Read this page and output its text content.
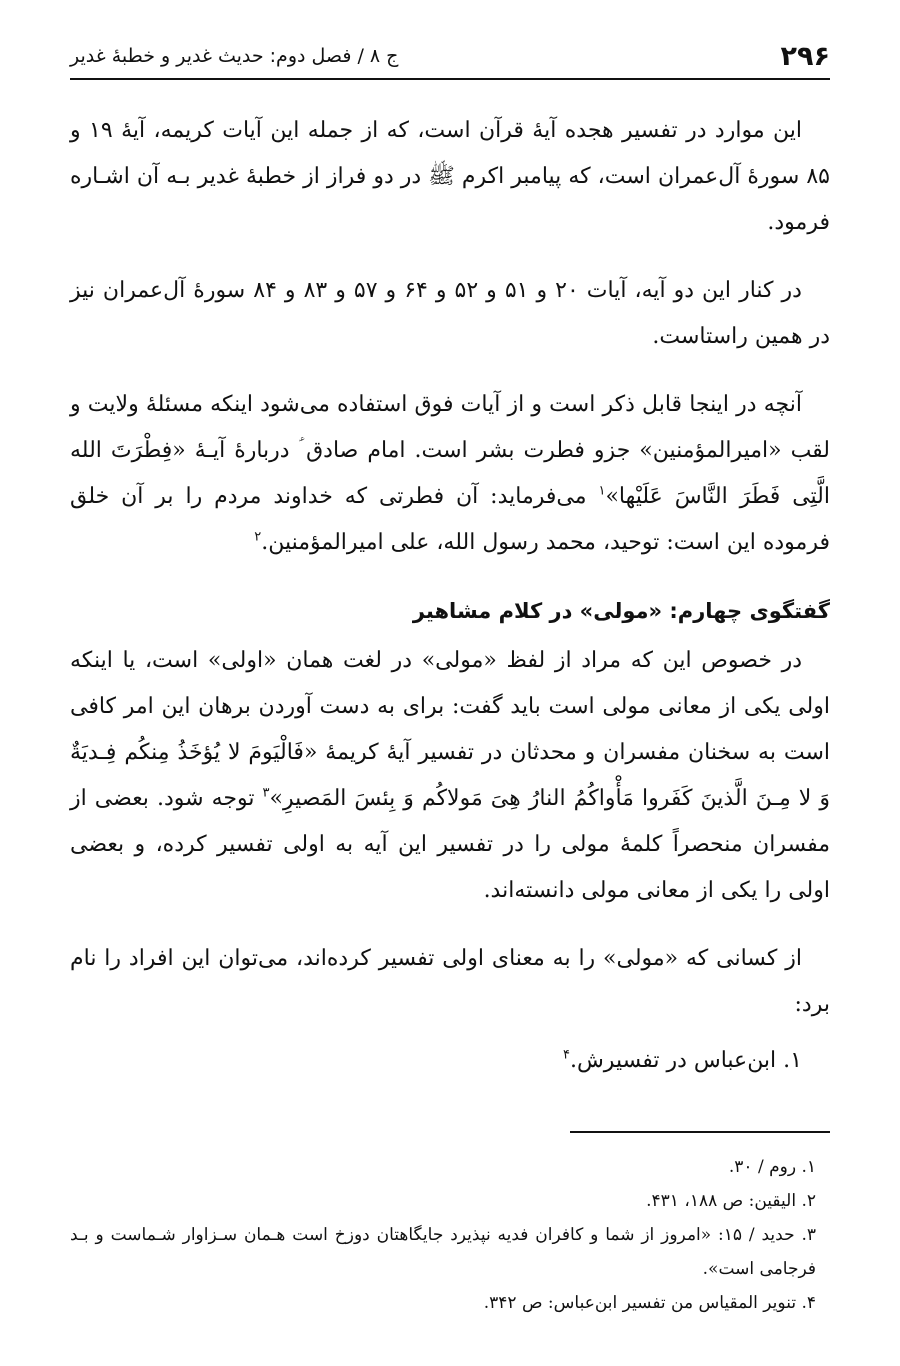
۲۹۶
ج ۸ / فصل دوم: حدیث غدیر و خطبهٔ غدیر

این موارد در تفسیر هجده آیهٔ قرآن است، که از جمله این آیات کریمه، آیهٔ ۱۹ و ۸۵ سورهٔ آل‌عمران است، که پیامبر اکرم ﷺ در دو فراز از خطبهٔ غدیر بـه آن اشـاره فرمود.

در کنار این دو آیه، آیات ۲۰ و ۵۱ و ۵۲ و ۶۴ و ۵۷ و ۸۳ و ۸۴ سورهٔ آل‌عمران نیز در همین راستاست.

آنچه در اینجا قابل ذکر است و از آیات فوق استفاده می‌شود اینکه مسئلهٔ ولایت و لقب «امیرالمؤمنین» جزو فطرت بشر است. امام صادق ؑ دربارهٔ آیـهٔ «فِطْرَتَ الله الَّتِی فَطَرَ النَّاسَ عَلَیْها»$^۱$ می‌فرماید: آن فطرتی که خداوند مردم را بر آن خلق فرموده این است: توحید، محمد رسول الله، علی امیرالمؤمنین.$^۲$

گفتگوی چهارم: «مولی» در کلام مشاهیر

در خصوص این که مراد از لفظ «مولی» در لغت همان «اولی» است، یا اینکه اولی یکی از معانی مولی است باید گفت: برای به دست آوردن برهان این امر کافی است به سخنان مفسران و محدثان در تفسیر آیهٔ کریمهٔ «فَالْیَومَ لا یُؤخَذُ مِنکُم فِـدیَةٌ وَ لا مِـنَ الَّذینَ کَفَروا مَأْواکُمُ النارُ هِیَ مَولاکُم وَ بِئسَ المَصیرِ»$^۳$ توجه شود. بعضی از مفسران منحصراً کلمهٔ مولی را در تفسیر این آیه به اولی تفسیر کرده، و بعضی اولی را یکی از معانی مولی دانسته‌اند.

از کسانی که «مولی» را به معنای اولی تفسیر کرده‌اند، می‌توان این افراد را نام برد:

۱. ابن‌عباس در تفسیرش.$^۴$

۱. روم / ۳۰.

۲. الیقین: ص ۱۸۸، ۴۳۱.

۳. حدید / ۱۵: «امروز از شما و کافران فدیه نپذیرد جایگاهتان دوزخ است هـمان سـزاوار شـماست و بـد فرجامی است».

۴. تنویر المقیاس من تفسیر ابن‌عباس: ص ۳۴۲.
